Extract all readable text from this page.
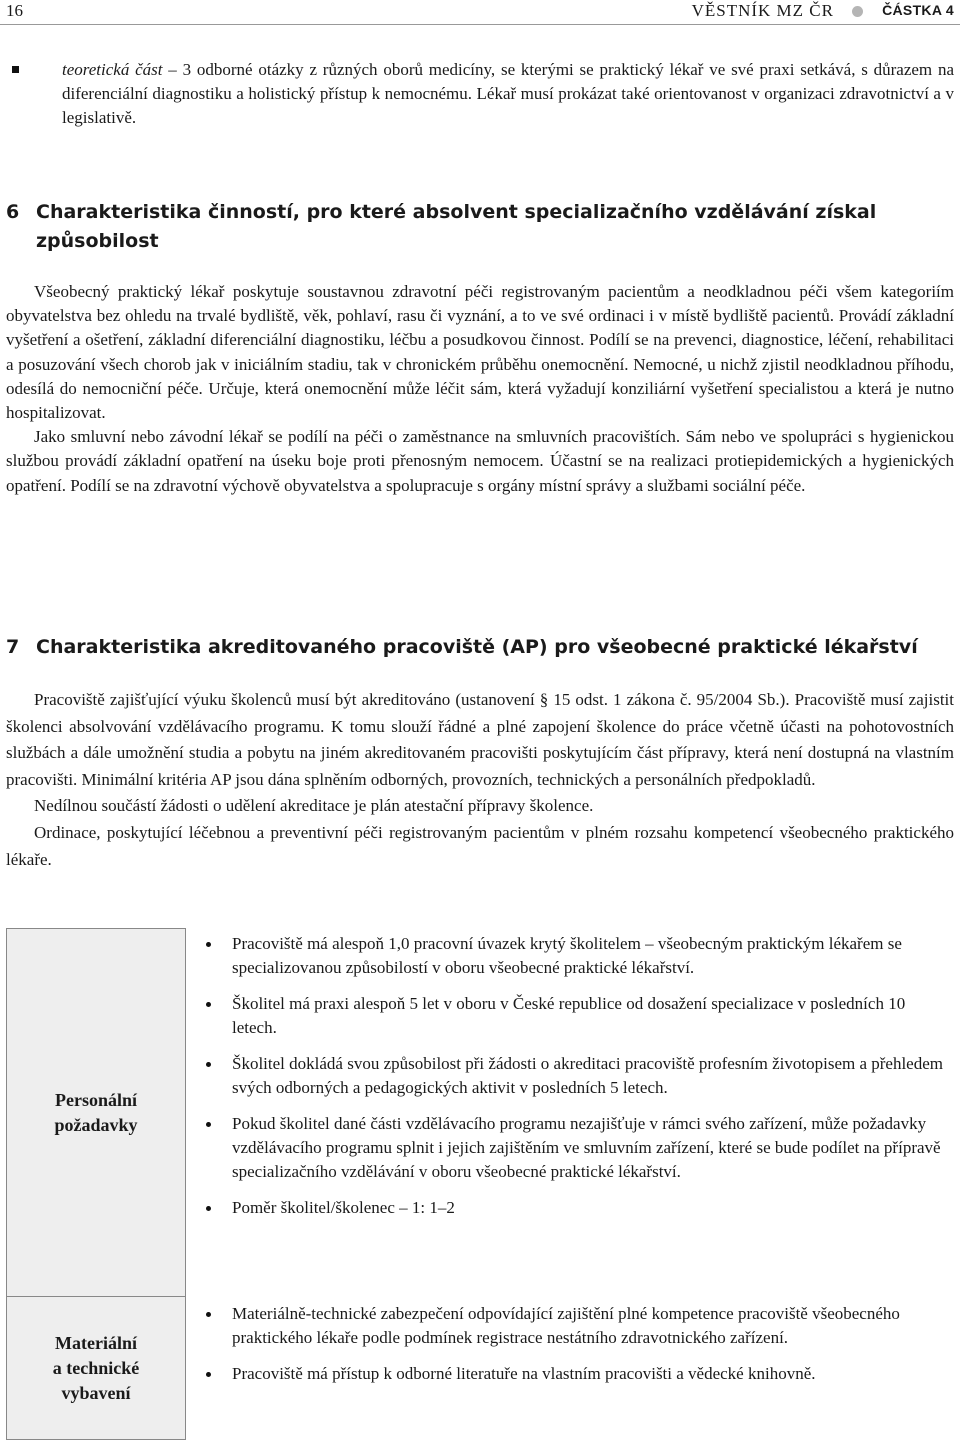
16	VĚSTNÍK MZ ČR	ČÁSTKA 4

teoretická část – 3 odborné otázky z různých oborů medicíny, se kterými se praktický lékař ve své praxi setkává, s důrazem na diferenciální diagnostiku a holistický přístup k nemocnému. Lékař musí prokázat také orientovanost v organizaci zdravotnictví a v legislativě.

6 Charakteristika činností, pro které absolvent specializačního vzdělávání získal způsobilost

Všeobecný praktický lékař poskytuje soustavnou zdravotní péči registrovaným pacientům a neodkladnou péči všem kategoriím obyvatelstva bez ohledu na trvalé bydliště, věk, pohlaví, rasu či vyznání, a to ve své ordinaci i v místě bydliště pacientů. Provádí základní vyšetření a ošetření, základní diferenciální diagnostiku, léčbu a posudkovou činnost. Podílí se na prevenci, diagnostice, léčení, rehabilitaci a posuzování všech chorob jak v iniciálním stadiu, tak v chronickém průběhu onemocnění. Nemocné, u nichž zjistil neodkladnou příhodu, odesílá do nemocniční péče. Určuje, která onemocnění může léčit sám, která vyžadují konziliární vyšetření specialistou a která je nutno hospitalizovat.

Jako smluvní nebo závodní lékař se podílí na péči o zaměstnance na smluvních pracovištích. Sám nebo ve spolupráci s hygienickou službou provádí základní opatření na úseku boje proti přenosným nemocem. Účastní se na realizaci protiepidemických a hygienických opatření. Podílí se na zdravotní výchově obyvatelstva a spolupracuje s orgány místní správy a službami sociální péče.

7 Charakteristika akreditovaného pracoviště (AP) pro všeobecné praktické lékařství

Pracoviště zajišťující výuku školenců musí být akreditováno (ustanovení § 15 odst. 1 zákona č. 95/2004 Sb.). Pracoviště musí zajistit školenci absolvování vzdělávacího programu. K tomu slouží řádné a plné zapojení školence do práce včetně účasti na pohotovostních službách a dále umožnění studia a pobytu na jiném akreditovaném pracovišti poskytujícím část přípravy, která není dostupná na vlastním pracovišti. Minimální kritéria AP jsou dána splněním odborných, provozních, technických a personálních předpokladů.

Nedílnou součástí žádosti o udělení akreditace je plán atestační přípravy školence.

Ordinace, poskytující léčebnou a preventivní péči registrovaným pacientům v plném rozsahu kompetencí všeobecného praktického lékaře.

Personální
požadavky
Pracoviště má alespoň 1,0 pracovní úvazek krytý školitelem – všeobecným praktickým lékařem se specializovanou způsobilostí v oboru všeobecné praktické lékařství.
Školitel má praxi alespoň 5 let v oboru v České republice od dosažení specializace v posledních 10 letech.
Školitel dokládá svou způsobilost při žádosti o akreditaci pracoviště profesním životopisem a přehledem svých odborných a pedagogických aktivit v posledních 5 letech.
Pokud školitel dané části vzdělávacího programu nezajišťuje v rámci svého zařízení, může požadavky vzdělávacího programu splnit i jejich zajištěním ve smluvním zařízení, které se bude podílet na přípravě specializačního vzdělávání v oboru všeobecné praktické lékařství.
Poměr školitel/školenec – 1: 1–2
Materiální
a technické
vybavení
Materiálně-technické zabezpečení odpovídající zajištění plné kompetence pracoviště všeobecného praktického lékaře podle podmínek registrace nestátního zdravotnického zařízení.
Pracoviště má přístup k odborné literatuře na vlastním pracovišti a vědecké knihovně.
